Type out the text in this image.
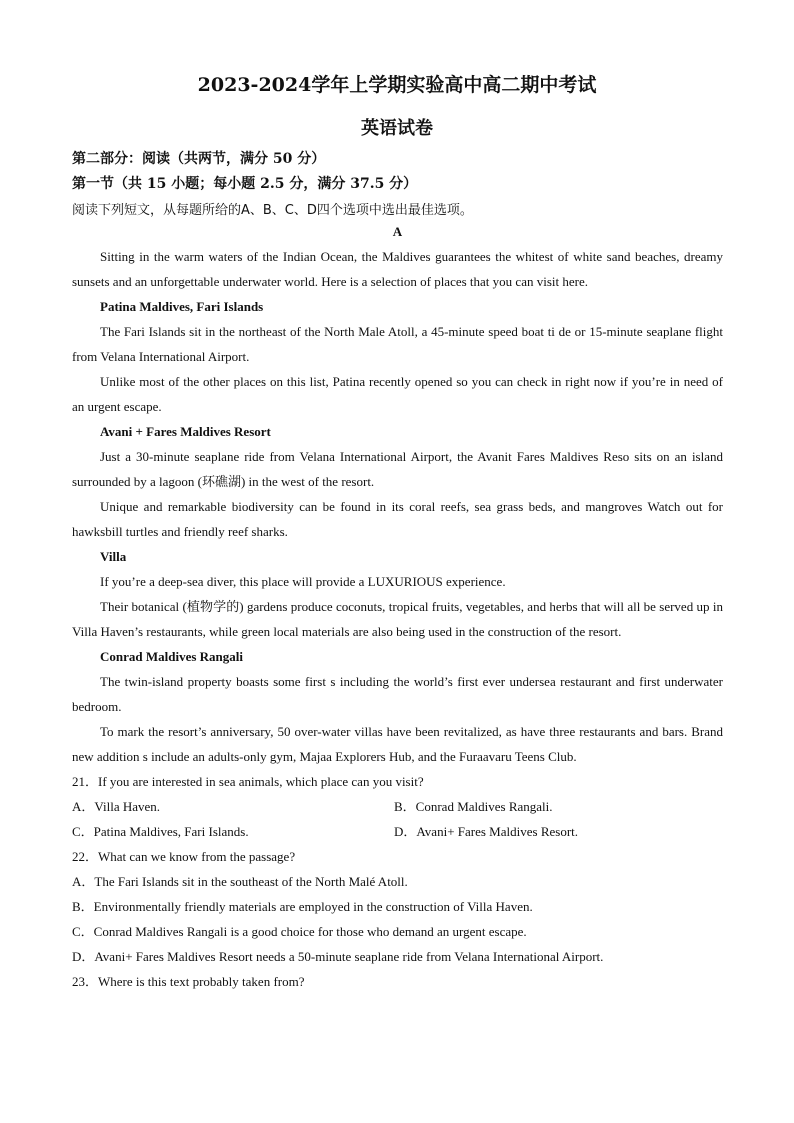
2023-2024学年上学期实验高中高二期中考试
英语试卷
第二部分：阅读（共两节，满分 50 分）
第一节（共 15 小题；每小题 2.5 分，满分 37.5 分）
阅读下列短文，从每题所给的A、B、C、D四个选项中选出最佳选项。

A

Sitting in the warm waters of the Indian Ocean, the Maldives guarantees the whitest of white sand beaches, dreamy sunsets and an unforgettable underwater world. Here is a selection of places that you can visit here.

Patina Maldives, Fari Islands

The Fari Islands sit in the northeast of the North Male Atoll, a 45-minute speed boat ti de or 15-minute seaplane flight from Velana International Airport.

Unlike most of the other places on this list, Patina recently opened so you can check in right now if you’re in need of an urgent escape.

Avani + Fares Maldives Resort

Just a 30-minute seaplane ride from Velana International Airport, the Avanit Fares Maldives Reso sits on an island surrounded by a lagoon (环礁湖) in the west of the resort.

Unique and remarkable biodiversity can be found in its coral reefs, sea grass beds, and mangroves Watch out for hawksbill turtles and friendly reef sharks.

Villa

If you’re a deep-sea diver, this place will provide a LUXURIOUS experience.

Their botanical (植物学的) gardens produce coconuts, tropical fruits, vegetables, and herbs that will all be served up in Villa Haven’s restaurants, while green local materials are also being used in the construction of the resort.

Conrad Maldives Rangali

The twin-island property boasts some first s including the world’s first ever undersea restaurant and first underwater bedroom.

To mark the resort’s anniversary, 50 over-water villas have been revitalized, as have three restaurants and bars. Brand new addition s include an adults-only gym, Majaa Explorers Hub, and the Furaavaru Teens Club.

21．If you are interested in sea animals, which place can you visit?

A．Villa Haven.	B．Conrad Maldives Rangali.
C．Patina Maldives, Fari Islands.	D．Avani+ Fares Maldives Resort.

22．What can we know from the passage?

A．The Fari Islands sit in the southeast of the North Malé Atoll.

B．Environmentally friendly materials are employed in the construction of Villa Haven.

C．Conrad Maldives Rangali is a good choice for those who demand an urgent escape.

D．Avani+ Fares Maldives Resort needs a 50-minute seaplane ride from Velana International Airport.

23．Where is this text probably taken from?
